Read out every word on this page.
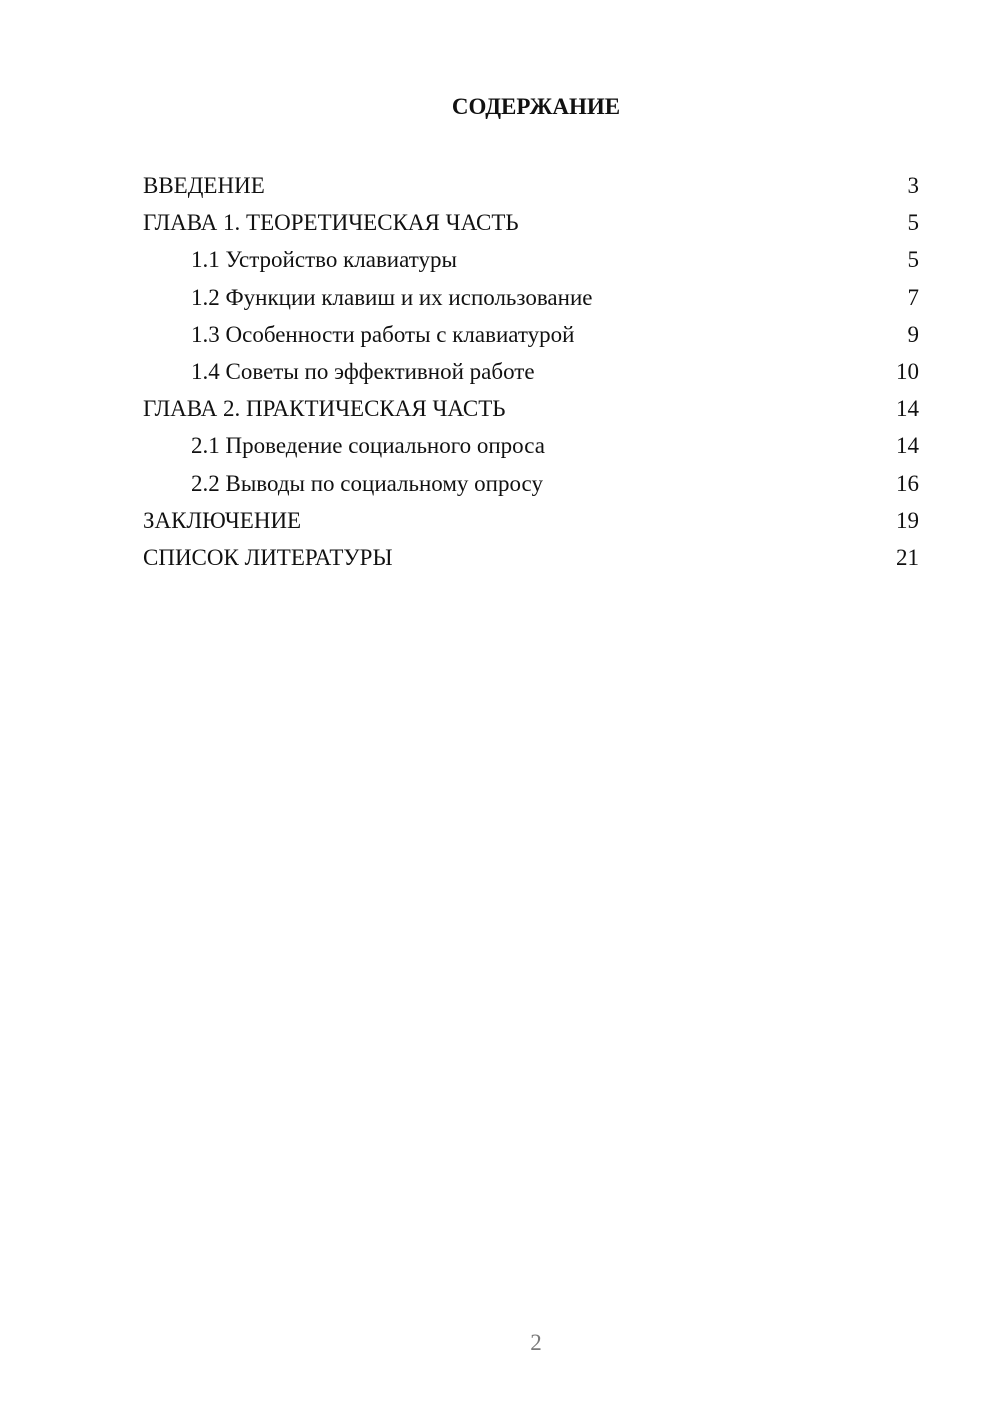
СОДЕРЖАНИЕ
ВВЕДЕНИЕ	3
ГЛАВА 1. ТЕОРЕТИЧЕСКАЯ ЧАСТЬ	5
1.1 Устройство клавиатуры	5
1.2 Функции клавиш и их использование	7
1.3 Особенности работы с клавиатурой	9
1.4 Советы по эффективной работе	10
ГЛАВА 2. ПРАКТИЧЕСКАЯ ЧАСТЬ	14
2.1 Проведение социального опроса	14
2.2 Выводы по социальному опросу	16
ЗАКЛЮЧЕНИЕ	19
СПИСОК ЛИТЕРАТУРЫ	21
2
